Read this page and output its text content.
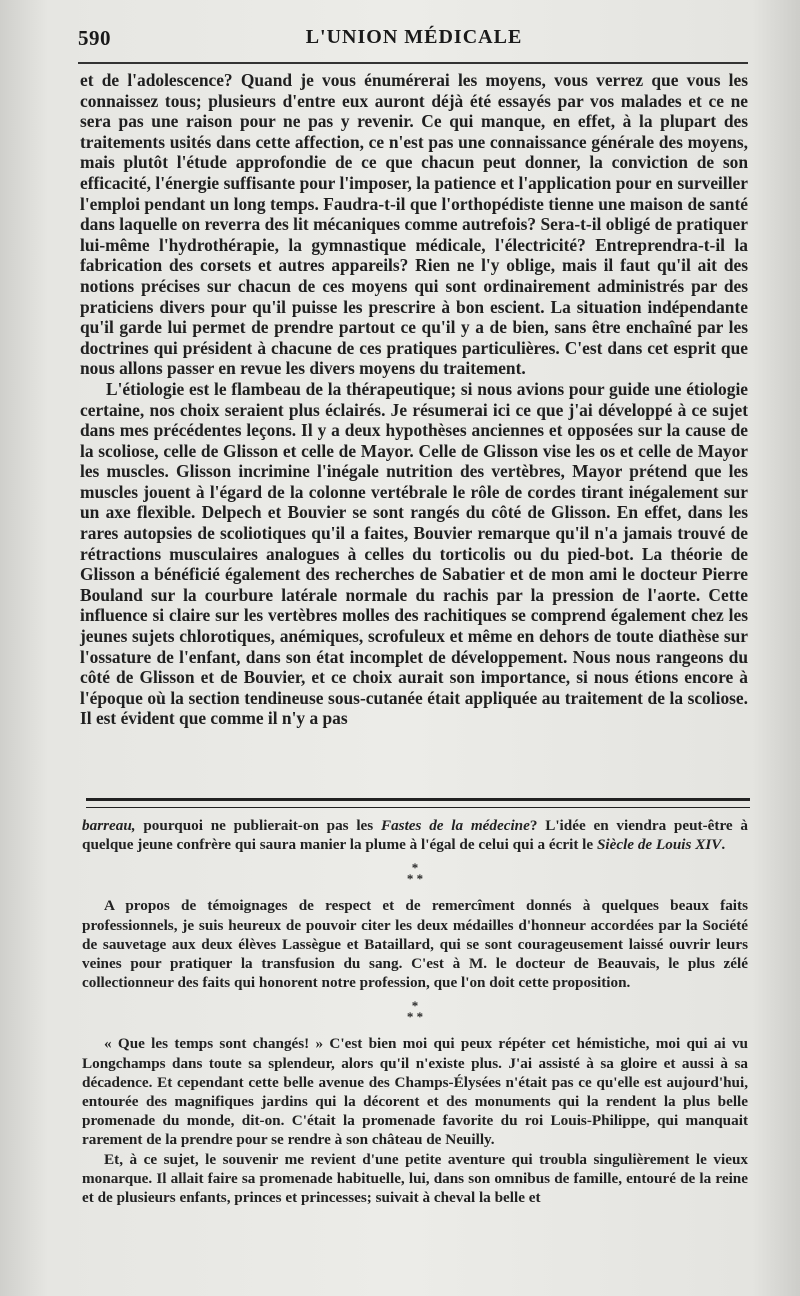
590	L'UNION MÉDICALE

et de l'adolescence? Quand je vous énumérerai les moyens, vous verrez que vous les connaissez tous; plusieurs d'entre eux auront déjà été essayés par vos malades et ce ne sera pas une raison pour ne pas y revenir. Ce qui manque, en effet, à la plupart des traitements usités dans cette affection, ce n'est pas une connaissance générale des moyens, mais plutôt l'étude approfondie de ce que chacun peut donner, la conviction de son efficacité, l'énergie suffisante pour l'imposer, la patience et l'application pour en surveiller l'emploi pendant un long temps. Faudra-t-il que l'orthopédiste tienne une maison de santé dans laquelle on reverra des lit mécaniques comme autrefois? Sera-t-il obligé de pratiquer lui-même l'hydrothérapie, la gymnastique médicale, l'électricité? Entreprendra-t-il la fabrication des corsets et autres appareils? Rien ne l'y oblige, mais il faut qu'il ait des notions précises sur chacun de ces moyens qui sont ordinairement administrés par des praticiens divers pour qu'il puisse les prescrire à bon escient. La situation indépendante qu'il garde lui permet de prendre partout ce qu'il y a de bien, sans être enchaîné par les doctrines qui président à chacune de ces pratiques particulières. C'est dans cet esprit que nous allons passer en revue les divers moyens du traitement.

L'étiologie est le flambeau de la thérapeutique; si nous avions pour guide une étiologie certaine, nos choix seraient plus éclairés. Je résumerai ici ce que j'ai développé à ce sujet dans mes précédentes leçons. Il y a deux hypothèses anciennes et opposées sur la cause de la scoliose, celle de Glisson et celle de Mayor. Celle de Glisson vise les os et celle de Mayor les muscles. Glisson incrimine l'inégale nutrition des vertèbres, Mayor prétend que les muscles jouent à l'égard de la colonne vertébrale le rôle de cordes tirant inégalement sur un axe flexible. Delpech et Bouvier se sont rangés du côté de Glisson. En effet, dans les rares autopsies de scoliotiques qu'il a faites, Bouvier remarque qu'il n'a jamais trouvé de rétractions musculaires analogues à celles du torticolis ou du pied-bot. La théorie de Glisson a bénéficié également des recherches de Sabatier et de mon ami le docteur Pierre Bouland sur la courbure latérale normale du rachis par la pression de l'aorte. Cette influence si claire sur les vertèbres molles des rachitiques se comprend également chez les jeunes sujets chlorotiques, anémiques, scrofuleux et même en dehors de toute diathèse sur l'ossature de l'enfant, dans son état incomplet de développement. Nous nous rangeons du côté de Glisson et de Bouvier, et ce choix aurait son importance, si nous étions encore à l'époque où la section tendineuse sous-cutanée était appliquée au traitement de la scoliose. Il est évident que comme il n'y a pas

barreau, pourquoi ne publierait-on pas les Fastes de la médecine? L'idée en viendra peut-être à quelque jeune confrère qui saura manier la plume à l'égal de celui qui a écrit le Siècle de Louis XIV.

*
* *

A propos de témoignages de respect et de remercîment donnés à quelques beaux faits professionnels, je suis heureux de pouvoir citer les deux médailles d'honneur accordées par la Société de sauvetage aux deux élèves Lassègue et Bataillard, qui se sont courageusement laissé ouvrir leurs veines pour pratiquer la transfusion du sang. C'est à M. le docteur de Beauvais, le plus zélé collectionneur des faits qui honorent notre profession, que l'on doit cette proposition.

*
* *

« Que les temps sont changés! » C'est bien moi qui peux répéter cet hémistiche, moi qui ai vu Longchamps dans toute sa splendeur, alors qu'il n'existe plus. J'ai assisté à sa gloire et aussi à sa décadence. Et cependant cette belle avenue des Champs-Élysées n'était pas ce qu'elle est aujourd'hui, entourée des magnifiques jardins qui la décorent et des monuments qui la rendent la plus belle promenade du monde, dit-on. C'était la promenade favorite du roi Louis-Philippe, qui manquait rarement de la prendre pour se rendre à son château de Neuilly.

Et, à ce sujet, le souvenir me revient d'une petite aventure qui troubla singulièrement le vieux monarque. Il allait faire sa promenade habituelle, lui, dans son omnibus de famille, entouré de la reine et de plusieurs enfants, princes et princesses; suivait à cheval la belle et
